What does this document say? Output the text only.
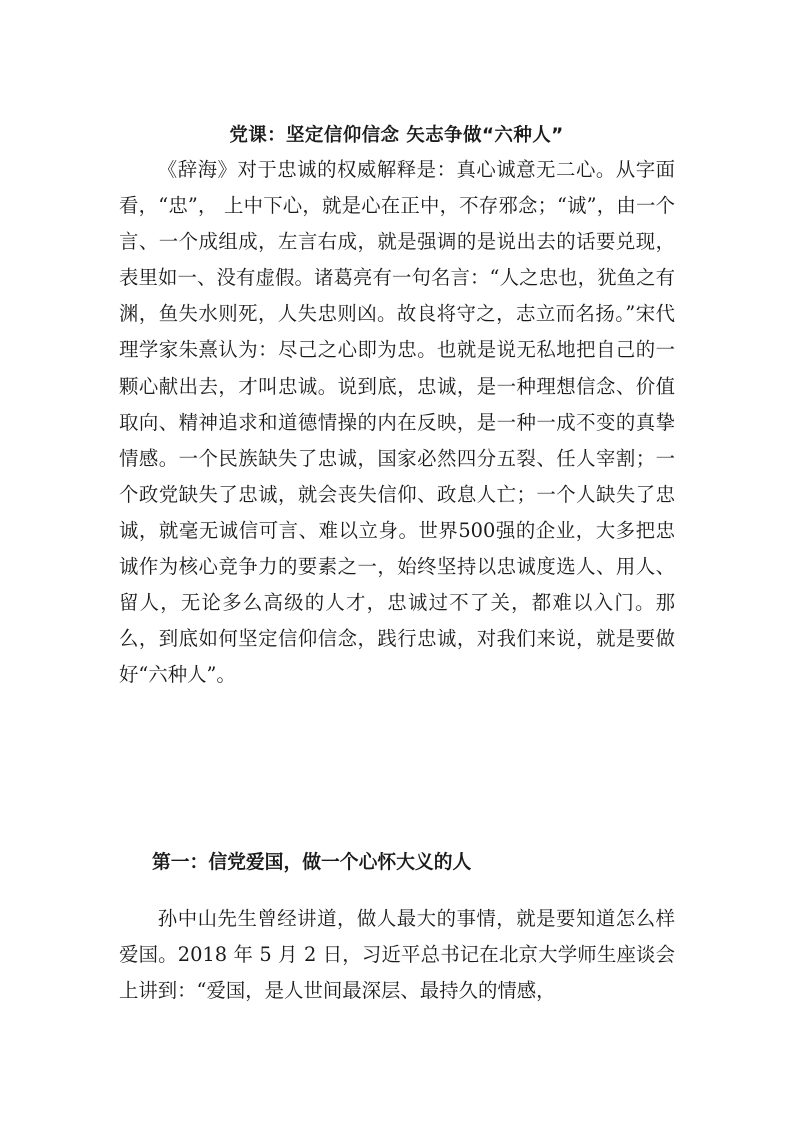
党课：坚定信仰信念 矢志争做“六种人”

《辞海》对于忠诚的权威解释是：真心诚意无二心。从字面看，“忠”， 上中下心，就是心在正中，不存邪念；“诚”，由一个言、一个成组成，左言右成，就是强调的是说出去的话要兑现，表里如一、没有虚假。诸葛亮有一句名言：“人之忠也，犹鱼之有渊，鱼失水则死，人失忠则凶。故良将守之，志立而名扬。”宋代理学家朱熹认为：尽己之心即为忠。也就是说无私地把自己的一颗心献出去，才叫忠诚。说到底，忠诚，是一种理想信念、价值取向、精神追求和道德情操的内在反映，是一种一成不变的真挚情感。一个民族缺失了忠诚，国家必然四分五裂、任人宰割；一个政党缺失了忠诚，就会丧失信仰、政息人亡；一个人缺失了忠诚，就毫无诚信可言、难以立身。世界500强的企业，大多把忠诚作为核心竞争力的要素之一，始终坚持以忠诚度选人、用人、留人，无论多么高级的人才，忠诚过不了关，都难以入门。那么，到底如何坚定信仰信念，践行忠诚，对我们来说，就是要做好“六种人”。

第一：信党爱国，做一个心怀大义的人

孙中山先生曾经讲道，做人最大的事情，就是要知道怎么样爱国。2018 年 5 月 2 日，习近平总书记在北京大学师生座谈会上讲到：“爱国，是人世间最深层、最持久的情感，
